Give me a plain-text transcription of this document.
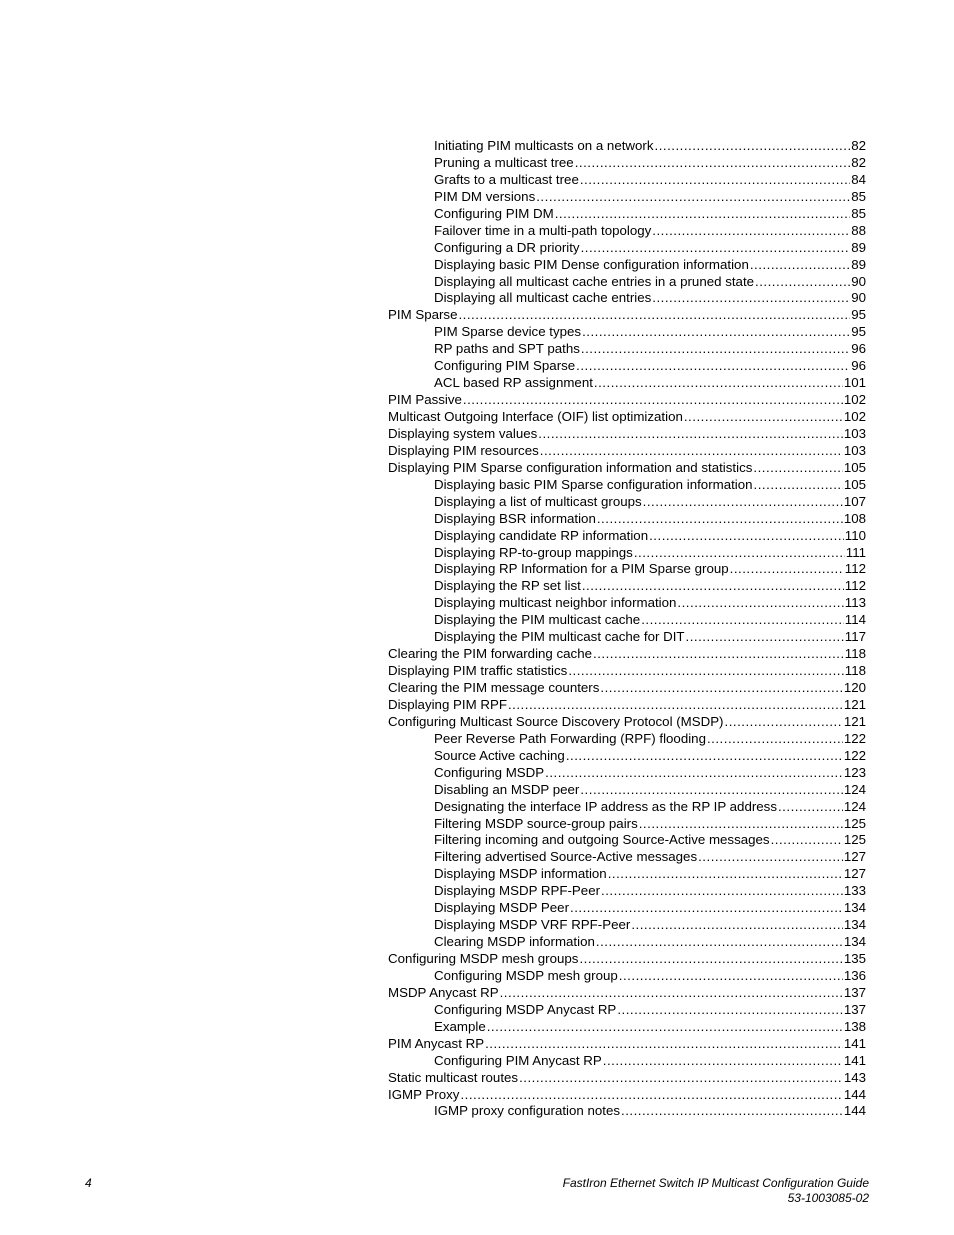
Initiating PIM multicasts on a network .....	82
Pruning a multicast tree .....	82
Grafts to a multicast tree .....	84
PIM DM versions .....	85
Configuring PIM DM .....	85
Failover time in a multi-path topology .....	88
Configuring a DR priority .....	89
Displaying basic PIM Dense configuration information .....	89
Displaying all multicast cache entries in a pruned state .....	90
Displaying all multicast cache entries .....	90
PIM Sparse .....	95
PIM Sparse device types .....	95
RP paths and SPT paths .....	96
Configuring PIM Sparse .....	96
ACL based RP assignment .....	101
PIM Passive .....	102
Multicast Outgoing Interface (OIF) list optimization .....	102
Displaying system values .....	103
Displaying PIM resources .....	103
Displaying PIM Sparse configuration information and statistics .....	105
Displaying basic PIM Sparse configuration information .....	105
Displaying a list of multicast groups .....	107
Displaying BSR information .....	108
Displaying candidate RP information .....	110
Displaying RP-to-group mappings .....	111
Displaying RP Information for a PIM Sparse group .....	112
Displaying the RP set list .....	112
Displaying multicast neighbor information .....	113
Displaying the PIM multicast cache .....	114
Displaying the PIM multicast cache for DIT .....	117
Clearing the PIM forwarding cache .....	118
Displaying PIM traffic statistics .....	118
Clearing the PIM message counters .....	120
Displaying PIM RPF .....	121
Configuring Multicast Source Discovery Protocol (MSDP) .....	121
Peer Reverse Path Forwarding (RPF) flooding .....	122
Source Active caching .....	122
Configuring MSDP .....	123
Disabling an MSDP peer .....	124
Designating the interface IP address as the RP IP address .....	124
Filtering MSDP source-group pairs .....	125
Filtering incoming and outgoing Source-Active messages .....	125
Filtering advertised Source-Active messages .....	127
Displaying MSDP information .....	127
Displaying MSDP RPF-Peer .....	133
Displaying MSDP Peer .....	134
Displaying MSDP VRF RPF-Peer .....	134
Clearing MSDP information .....	134
Configuring MSDP mesh groups .....	135
Configuring MSDP mesh group .....	136
MSDP Anycast RP .....	137
Configuring MSDP Anycast RP .....	137
Example .....	138
PIM Anycast RP .....	141
Configuring PIM Anycast RP .....	141
Static multicast routes .....	143
IGMP Proxy .....	144
IGMP proxy configuration notes .....	144
4	FastIron Ethernet Switch IP Multicast Configuration Guide
53-1003085-02
